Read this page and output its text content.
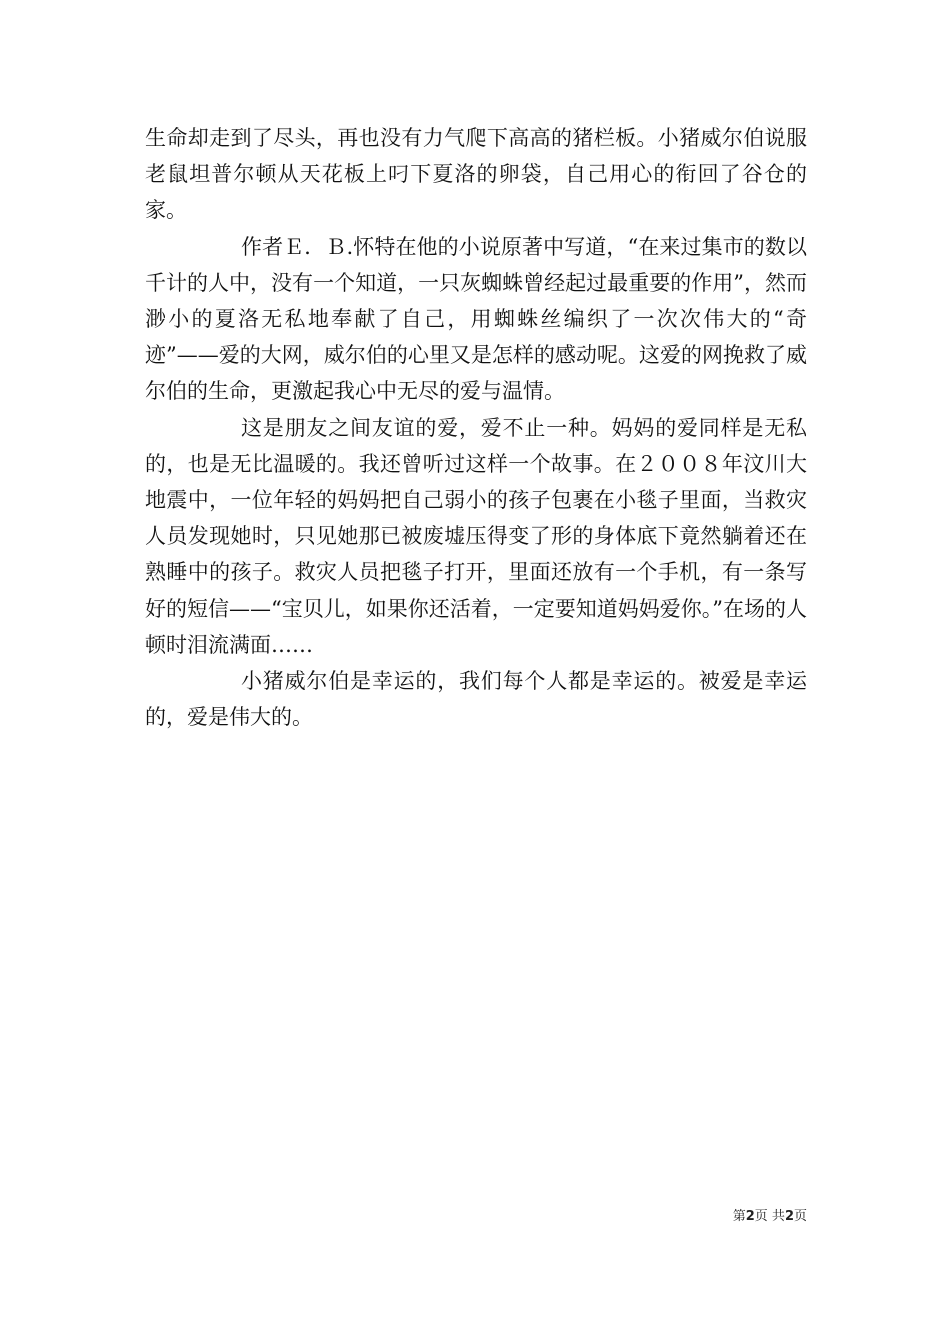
生命却走到了尽头，再也没有力气爬下高高的猪栏板。小猪威尔伯说服老鼠坦普尔顿从天花板上叼下夏洛的卵袋，自己用心的衔回了谷仓的家。

作者Ｅ．Ｂ.怀特在他的小说原著中写道，“在来过集市的数以千计的人中，没有一个知道，一只灰蜘蛛曾经起过最重要的作用”，然而渺小的夏洛无私地奉献了自己，用蜘蛛丝编织了一次次伟大的“奇迹”——爱的大网，威尔伯的心里又是怎样的感动呢。这爱的网挽救了威尔伯的生命，更激起我心中无尽的爱与温情。

这是朋友之间友谊的爱，爱不止一种。妈妈的爱同样是无私的，也是无比温暖的。我还曾听过这样一个故事。在２００８年汶川大地震中，一位年轻的妈妈把自己弱小的孩子包裹在小毯子里面，当救灾人员发现她时，只见她那已被废墟压得变了形的身体底下竟然躺着还在熟睡中的孩子。救灾人员把毯子打开，里面还放有一个手机，有一条写好的短信——“宝贝儿，如果你还活着，一定要知道妈妈爱你。”在场的人顿时泪流满面……

小猪威尔伯是幸运的，我们每个人都是幸运的。被爱是幸运的，爱是伟大的。

第2页 共2页
